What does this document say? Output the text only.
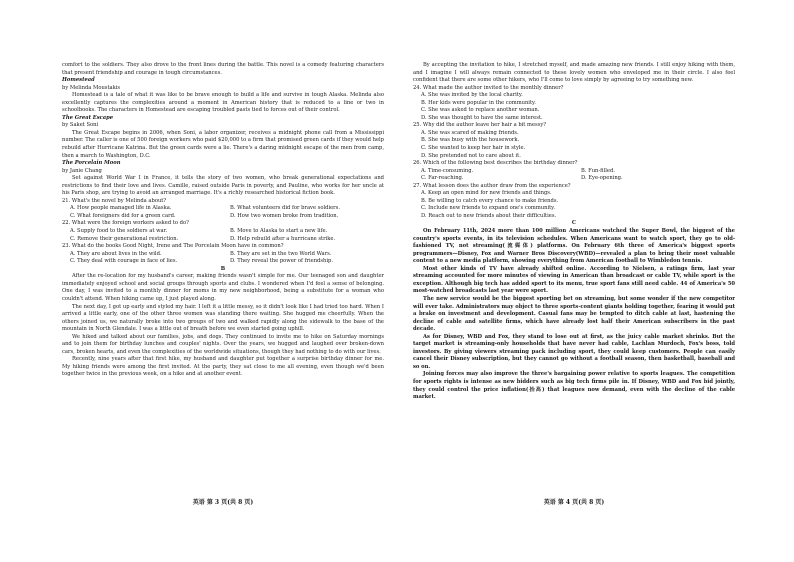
comfort to the soldiers. They also drove to the front lines during the battle. This novel is a comedy featuring characters that present friendship and courage in tough circumstances.

Homestead

by Melinda Moustakis

Homestead is a tale of what it was like to be brave enough to build a life and survive in tough Alaska. Melinda also excellently captures the complexities around a moment in American history that is reduced to a line or two in schoolbooks. The characters in Homestead are escaping troubled pasts tied to forces out of their control.

The Great Escape

by Saket Soni

The Great Escape begins in 2006, when Soni, a labor organizer, receives a midnight phone call from a Mississippi number. The caller is one of 500 foreign workers who paid $20,000 to a firm that promised green cards if they would help rebuild after Hurricane Katrina. But the green cards were a lie. There's a daring midnight escape of the men from camp, then a march to Washington, D.C.

The Porcelain Moon

by Janie Chang

Set against World War I in France, it tells the story of two women, who break generational expectations and restrictions to find their love and lives. Camille, raised outside Paris in poverty, and Pauline, who works for her uncle at his Paris shop, are trying to avoid an arranged marriage. It's a richly researched historical fiction book.

21. What's the novel by Melinda about?

A. How people managed life in Alaska.	B. What volunteers did for brave soldiers.

C. What foreigners did for a green card.	D. How two women broke from tradition.

22. What were the foreign workers asked to do?

A. Supply food to the soldiers at war.	B. Move to Alaska to start a new life.

C. Remove their generational restriction.	D. Help rebuild after a hurricane strike.

23. What do the books Good Night, Irene and The Porcelain Moon have in common?

A. They are about lives in the wild.	B. They are set in the two World Wars.

C. They deal with courage in face of lies.	D. They reveal the power of friendship.

B

After the re-location for my husband's career, making friends wasn't simple for me. Our teenaged son and daughter immediately enjoyed school and social groups through sports and clubs. I wondered when I'd feel a sense of belonging. One day, I was invited to a monthly dinner for moms in my new neighborhood, being a substitute for a woman who couldn't attend. When hiking came up, I just played along.

The next day, I got up early and styled my hair. I left it a little messy, so it didn't look like I had tried too hard. When I arrived a little early, one of the other three women was standing there waiting. She hugged me cheerfully. When the others joined us, we naturally broke into two groups of two and walked rapidly along the sidewalk to the base of the mountain in North Glendale. I was a little out of breath before we even started going uphill.

We hiked and talked about our families, jobs, and dogs. They continued to invite me to hike on Saturday mornings and to join them for birthday lunches and couples' nights. Over the years, we hugged and laughed over broken-down cars, broken hearts, and even the complexities of the worldwide situations, though they had nothing to do with our lives.

Recently, nine years after that first hike, my husband and daughter put together a surprise birthday dinner for me. My hiking friends were among the first invited. At the party, they sat close to me all evening, even though we'd been together twice in the previous week, on a hike and at another event.

英语 第 3 页(共 8 页)

By accepting the invitation to hike, I stretched myself, and made amazing new friends. I still enjoy hiking with them, and I imagine I will always remain connected to these lovely women who enveloped me in their circle. I also feel confident that there are some other hikers, who I'll come to love simply by agreeing to try something new.

24. What made the author invited to the monthly dinner?

A. She was invited by the local charity.

B. Her kids were popular in the community.

C. She was asked to replace another woman.

D. She was thought to have the same interest.

25. Why did the author leave her hair a bit messy?

A. She was scared of making friends.

B. She was busy with the housework.

C. She wanted to keep her hair in style.

D. She pretended not to care about it.

26. Which of the following best describes the birthday dinner?

A. Time-consuming.	B. Fun-filled.

C. Far-reaching.	D. Eye-opening.

27. What lesson does the author draw from the experience?

A. Keep an open mind for new friends and things.

B. Be willing to catch every chance to make friends.

C. Include new friends to expand one's community.

D. Reach out to new friends about their difficulties.

C

On February 11th, 2024 more than 100 million Americans watched the Super Bowl, the biggest of the country's sports events, in its television schedules. When Americans want to watch sport, they go to old-fashioned TV, not streaming(流媒体) platforms. On February 6th three of America's biggest sports programmers—Disney, Fox and Warner Bros Discovery(WBD)—revealed a plan to bring their most valuable content to a new media platform, showing everything from American football to Wimbledon tennis.

Most other kinds of TV have already shifted online. According to Nielsen, a ratings firm, last year streaming accounted for more minutes of viewing in American than broadcast or cable TV, while sport is the exception. Although big tech has added sport to its menu, true sport fans still need cable. 44 of America's 50 most-watched broadcasts last year were sport.

The new service would be the biggest sporting bet on streaming, but some wonder if the new competitor will ever take. Administrators may object to three sports-content giants holding together, fearing it would put a brake on investment and development. Casual fans may be tempted to ditch cable at last, hastening the decline of cable and satellite firms, which have already lost half their American subscribers in the past decade.

As for Disney, WBD and Fox, they stand to lose out at first, as the juicy cable market shrinks. But the target market is streaming-only households that have never had cable, Lachlan Murdoch, Fox's boss, told investors. By giving viewers streaming pack including sport, they could keep customers. People can easily cancel their Disney subscription, but they cannot go without a football season, then basketball, baseball and so on.

Joining forces may also improve the three's bargaining power relative to sports leagues. The competition for sports rights is intense as new bidders such as big tech firms pile in. If Disney, WBD and Fox bid jointly, they could control the price inflation(抬高) that leagues now demand, even with the decline of the cable market.

英语 第 4 页(共 8 页)
